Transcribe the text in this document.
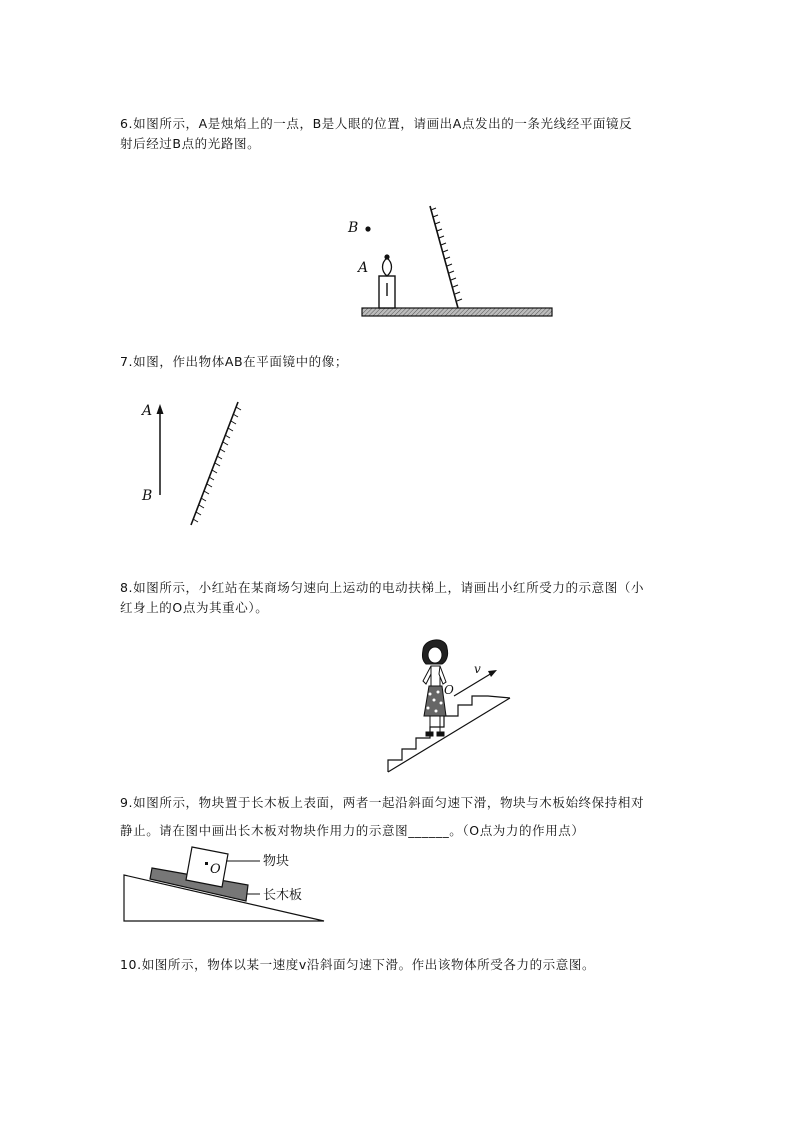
6.如图所示，A是烛焰上的一点，B是人眼的位置，请画出A点发出的一条光线经平面镜反
射后经过B点的光路图。
B
A
7.如图，作出物体AB在平面镜中的像；
A
B
8.如图所示，小红站在某商场匀速向上运动的电动扶梯上，请画出小红所受力的示意图（小
红身上的O点为其重心）。
v
O
9.如图所示，物块置于长木板上表面，两者一起沿斜面匀速下滑，物块与木板始终保持相对
静止。请在图中画出长木板对物块作用力的示意图______。（O点为力的作用点）
O
物块
长木板
10.如图所示，物体以某一速度v沿斜面匀速下滑。作出该物体所受各力的示意图。
